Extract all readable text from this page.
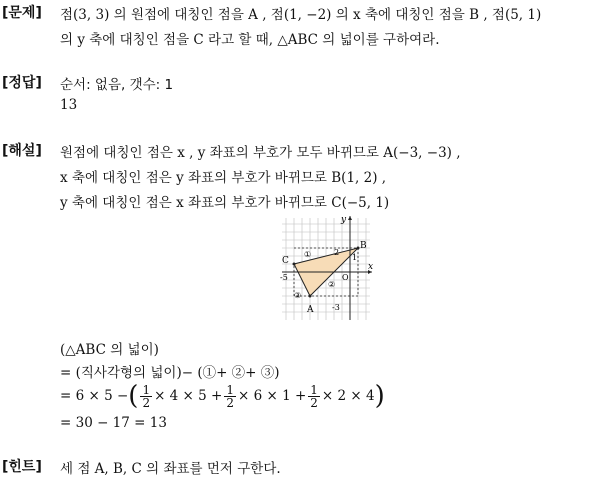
[문제] 점(3, 3) 의 원점에 대칭인 점을 A , 점(1, −2) 의 x 축에 대칭인 점을 B , 점(5, 1)
의 y 축에 대칭인 점을 C 라고 할 때, △ABC 의 넓이를 구하여라.
[정답] 순서: 없음, 갯수: 1
13
[해설] 원점에 대칭인 점은 x , y 좌표의 부호가 모두 바뀌므로 A(−3, −3) ,
x 축에 대칭인 점은 y 좌표의 부호가 바뀌므로 B(1, 2) ,
y 축에 대칭인 점은 x 좌표의 부호가 바뀌므로 C(−5, 1)
y
x
A
B
C
③
②
①
-5
-3
1
2
O
(△ABC 의 넓이)
= (직사각형의 넓이)− (①+ ②+ ③)
= 6 × 5 − ( $\frac{1}{2} \times 4 \times 5 + \frac{1}{2} \times 6 \times 1 + \frac{1}{2} \times 2 \times 4$ )
= 30 − 17 = 13
[힌트] 세 점 A, B, C 의 좌표를 먼저 구한다.
